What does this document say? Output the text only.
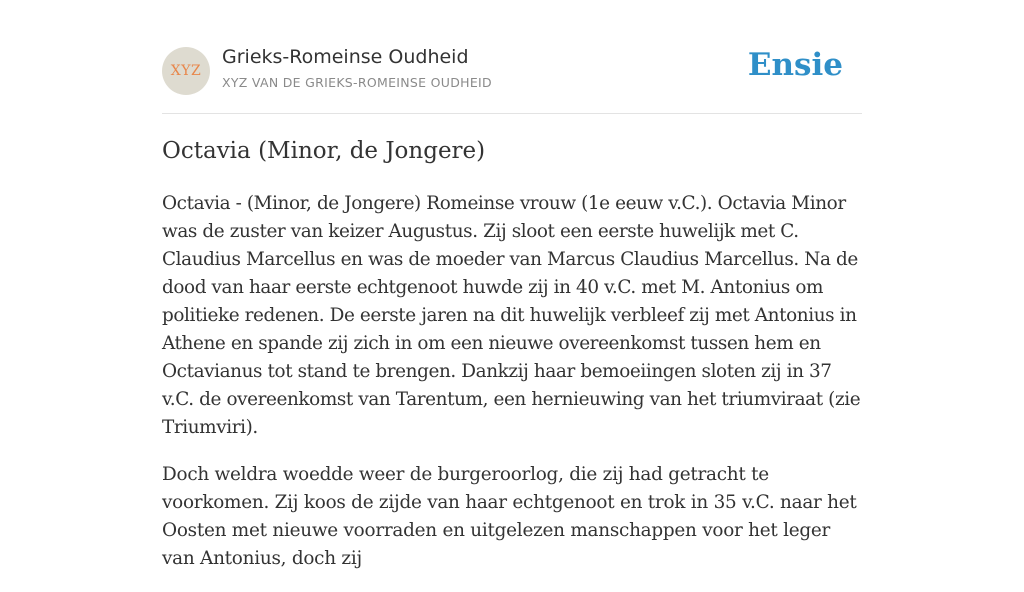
XYZ
Grieks-Romeinse Oudheid
XYZ VAN DE GRIEKS-ROMEINSE OUDHEID	Ensie
Octavia (Minor, de Jongere)

Octavia - (Minor, de Jongere) Romeinse vrouw (1e eeuw v.C.). Octavia Minor was de zuster van keizer Augustus. Zij sloot een eerste huwelijk met C. Claudius Marcellus en was de moeder van Marcus Claudius Marcellus. Na de dood van haar eerste echtgenoot huwde zij in 40 v.C. met M. Antonius om politieke redenen. De eerste jaren na dit huwelijk verbleef zij met Antonius in Athene en spande zij zich in om een nieuwe overeenkomst tussen hem en Octavianus tot stand te brengen. Dankzij haar bemoeiingen sloten zij in 37 v.C. de overeenkomst van Tarentum, een hernieuwing van het triumviraat (zie Triumviri).

Doch weldra woedde weer de burgeroorlog, die zij had getracht te voorkomen. Zij koos de zijde van haar echtgenoot en trok in 35 v.C. naar het Oosten met nieuwe voorraden en uitgelezen manschappen voor het leger van Antonius, doch zij
